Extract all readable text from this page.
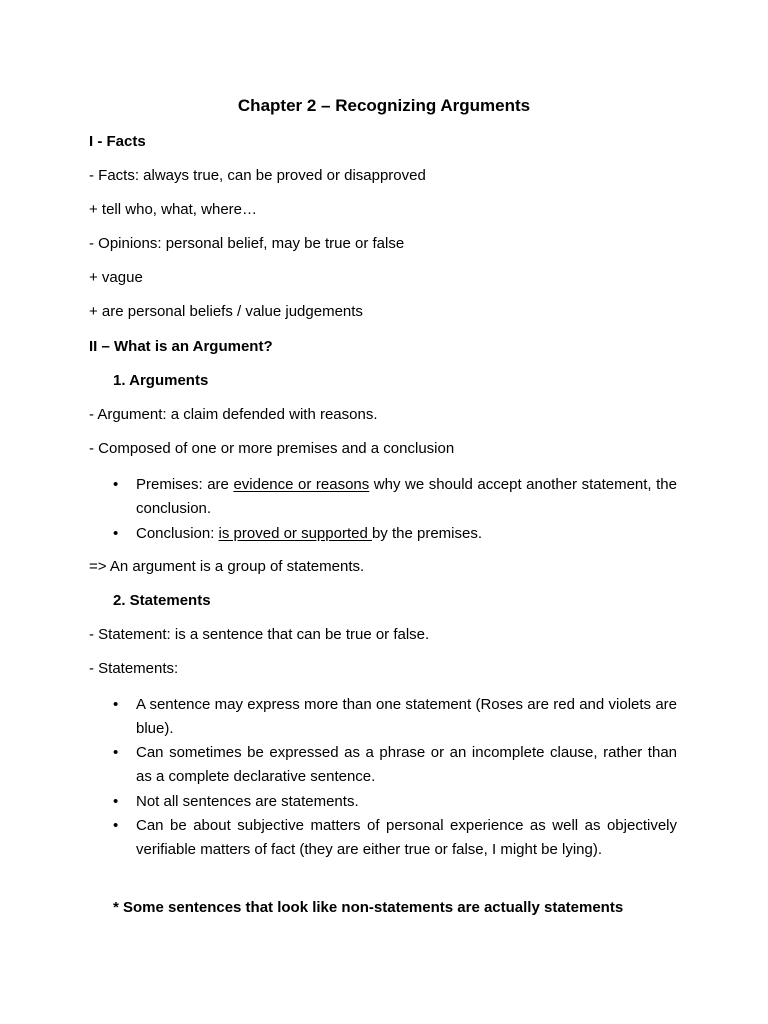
Chapter 2 – Recognizing Arguments

I - Facts

- Facts: always true, can be proved or disapproved

+ tell who, what, where…

- Opinions: personal belief, may be true or false

+ vague

+ are personal beliefs / value judgements

II – What is an Argument?

1. Arguments

- Argument: a claim defended with reasons.

- Composed of one or more premises and a conclusion

•	Premises: are evidence or reasons why we should accept another statement, the conclusion.
•	Conclusion: is proved or supported by the premises.

=> An argument is a group of statements.

2. Statements

- Statement: is a sentence that can be true or false.

- Statements:

•	A sentence may express more than one statement (Roses are red and violets are blue).
•	Can sometimes be expressed as a phrase or an incomplete clause, rather than as a complete declarative sentence.
•	Not all sentences are statements.
•	Can be about subjective matters of personal experience as well as objectively verifiable matters of fact (they are either true or false, I might be lying).

* Some sentences that look like non-statements are actually statements
